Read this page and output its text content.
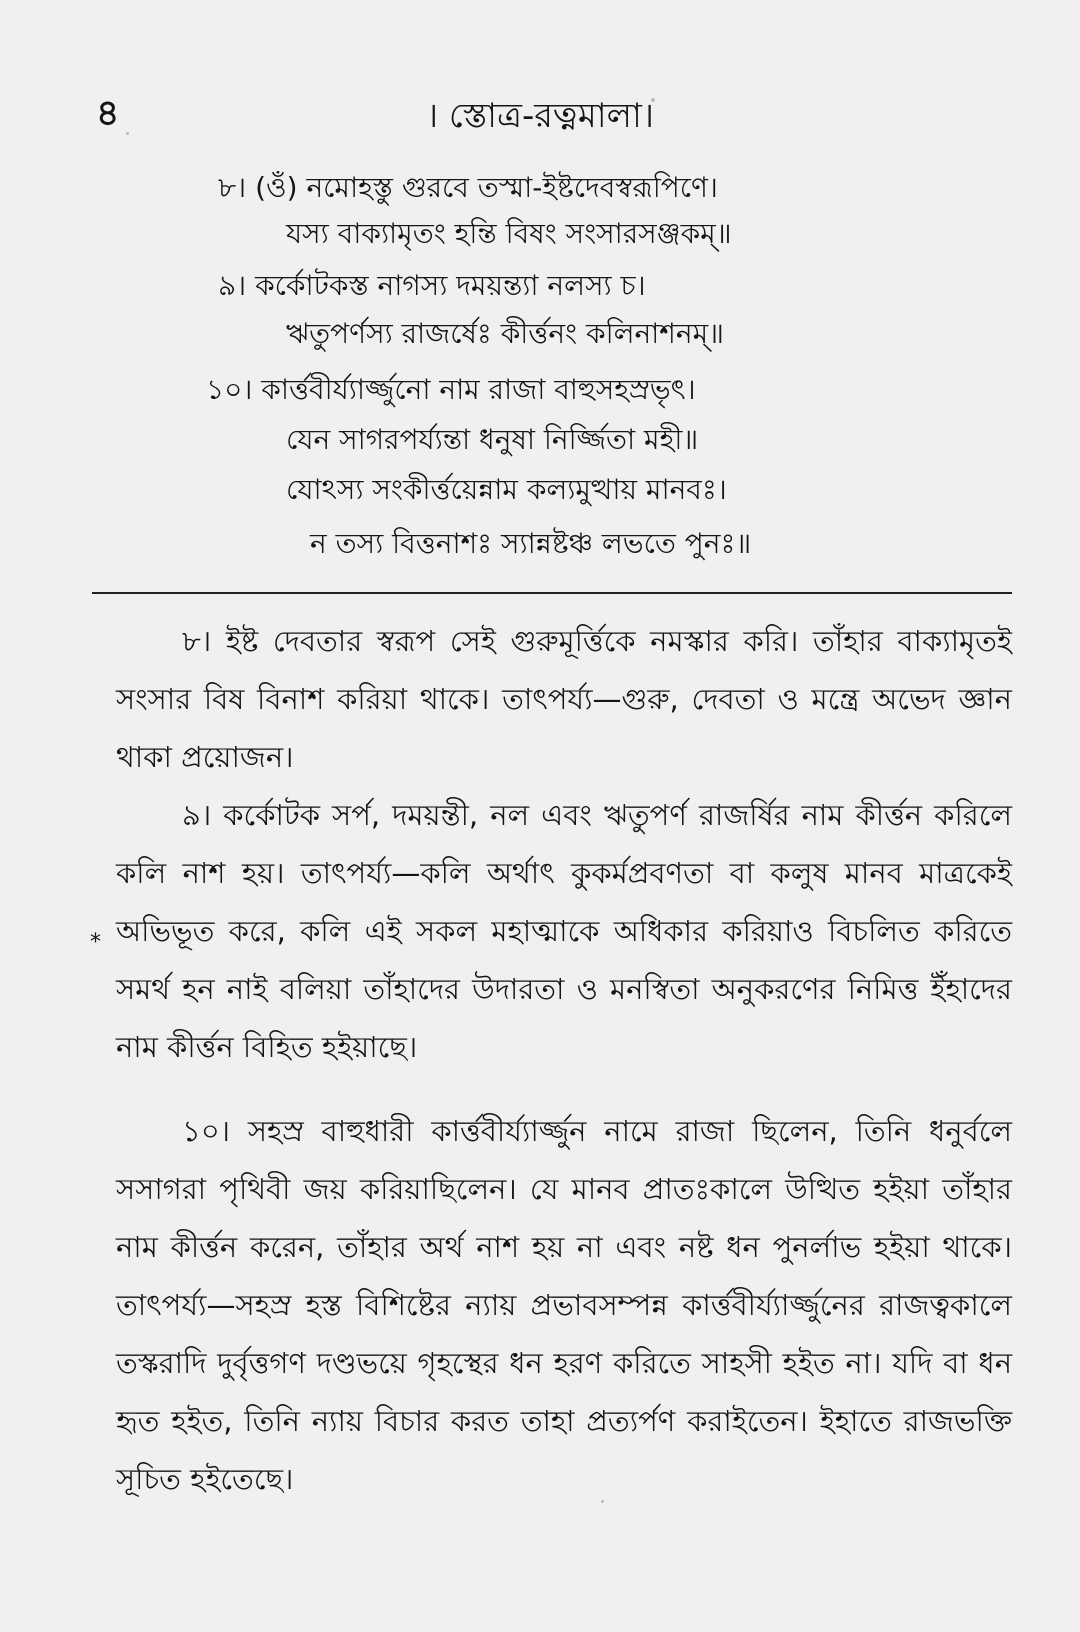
৪	। স্তোত্র-রত্নমালা।
৮। (ওঁ) নমোহস্তু গুরবে তস্মা-ইষ্টদেবস্বরূপিণে।
যস্য বাক্যামৃতং হন্তি বিষং সংসারসঞ্জকম্‌॥
৯। কর্কোটকস্ত নাগস্য দময়ন্ত্যা নলস্য চ।
ঋতুপর্ণস্য রাজর্ষেঃ কীর্ত্তনং কলিনাশনম্‌॥
১০। কার্ত্তবীর্য্যার্জ্জুনো নাম রাজা বাহুসহস্রভৃৎ।
যেন সাগরপর্য্যন্তা ধনুষা নির্জ্জিতা মহী॥
যোঽস্য সংকীর্ত্তয়েন্নাম কল্যমুত্থায় মানবঃ।
ন তস্য বিত্তনাশঃ স্যান্নষ্টঞ্চ লভতে পুনঃ॥

৮। ইষ্ট দেবতার স্বরূপ সেই গুরুমূর্ত্তিকে নমস্কার করি। তাঁহার বাক্যামৃতই সংসার বিষ বিনাশ করিয়া থাকে। তাৎপর্য্য—গুরু, দেবতা ও মন্ত্রে অভেদ জ্ঞান থাকা প্রয়োজন।

৯। কর্কোটক সর্প, দময়ন্তী, নল এবং ঋতুপর্ণ রাজর্ষির নাম কীর্ত্তন করিলে কলি নাশ হয়। তাৎপর্য্য—কলি অর্থাৎ কুকর্মপ্রবণতা বা কলুষ মানব মাত্রকেই অভিভূত করে, কলি এই সকল মহাত্মাকে অধিকার করিয়াও বিচলিত করিতে সমর্থ হন নাই বলিয়া তাঁহাদের উদারতা ও মনস্বিতা অনুকরণের নিমিত্ত ইঁহাদের নাম কীর্ত্তন বিহিত হইয়াছে।

১০। সহস্র বাহুধারী কার্ত্তবীর্য্যার্জ্জুন নামে রাজা ছিলেন, তিনি ধনুর্বলে সসাগরা পৃথিবী জয় করিয়াছিলেন। যে মানব প্রাতঃকালে উত্থিত হইয়া তাঁহার নাম কীর্ত্তন করেন, তাঁহার অর্থ নাশ হয় না এবং নষ্ট ধন পুনর্লাভ হইয়া থাকে। তাৎপর্য্য—সহস্র হস্ত বিশিষ্টের ন্যায় প্রভাবসম্পন্ন কার্ত্তবীর্য্যার্জ্জুনের রাজত্বকালে তস্করাদি দুর্বৃত্তগণ দণ্ডভয়ে গৃহস্থের ধন হরণ করিতে সাহসী হইত না। যদি বা ধন হৃত হইত, তিনি ন্যায় বিচার করত তাহা প্রত্যর্পণ করাইতেন। ইহাতে রাজভক্তি সূচিত হইতেছে।

*
